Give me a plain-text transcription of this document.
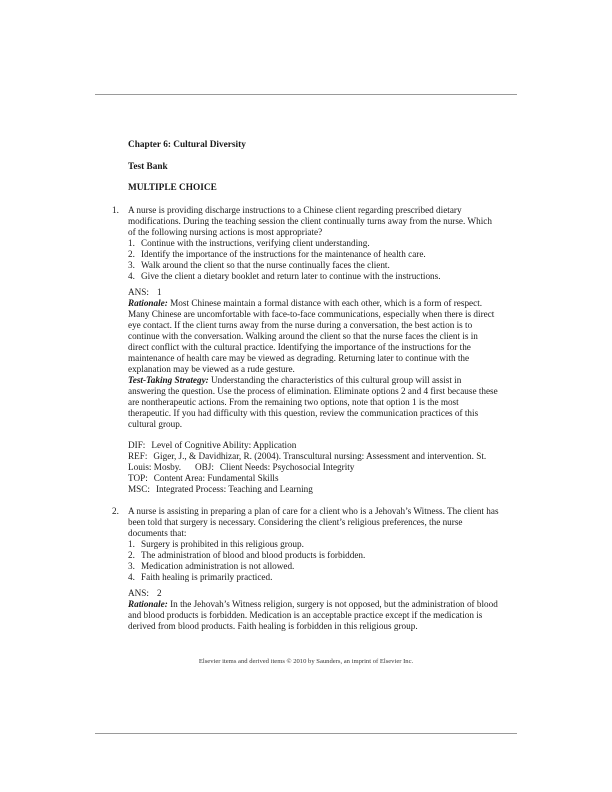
Chapter 6: Cultural Diversity
Test Bank
MULTIPLE CHOICE
1. A nurse is providing discharge instructions to a Chinese client regarding prescribed dietary modifications. During the teaching session the client continually turns away from the nurse. Which of the following nursing actions is most appropriate?

1. Continue with the instructions, verifying client understanding.
2. Identify the importance of the instructions for the maintenance of health care.
3. Walk around the client so that the nurse continually faces the client.
4. Give the client a dietary booklet and return later to continue with the instructions.
ANS: 1

Rationale: Most Chinese maintain a formal distance with each other, which is a form of respect. Many Chinese are uncomfortable with face-to-face communications, especially when there is direct eye contact. If the client turns away from the nurse during a conversation, the best action is to continue with the conversation. Walking around the client so that the nurse faces the client is in direct conflict with the cultural practice. Identifying the importance of the instructions for the maintenance of health care may be viewed as degrading. Returning later to continue with the explanation may be viewed as a rude gesture.

Test-Taking Strategy: Understanding the characteristics of this cultural group will assist in answering the question. Use the process of elimination. Eliminate options 2 and 4 first because these are nontherapeutic actions. From the remaining two options, note that option 1 is the most therapeutic. If you had difficulty with this question, review the communication practices of this cultural group.

DIF: Level of Cognitive Ability: Application
REF: Giger, J., & Davidhizar, R. (2004). Transcultural nursing: Assessment and intervention. St. Louis: Mosby. OBJ: Client Needs: Psychosocial Integrity
TOP: Content Area: Fundamental Skills
MSC: Integrated Process: Teaching and Learning
2. A nurse is assisting in preparing a plan of care for a client who is a Jehovah’s Witness. The client has been told that surgery is necessary. Considering the client’s religious preferences, the nurse documents that:

1. Surgery is prohibited in this religious group.
2. The administration of blood and blood products is forbidden.
3. Medication administration is not allowed.
4. Faith healing is primarily practiced.
ANS: 2

Rationale: In the Jehovah’s Witness religion, surgery is not opposed, but the administration of blood and blood products is forbidden. Medication is an acceptable practice except if the medication is derived from blood products. Faith healing is forbidden in this religious group.

Elsevier items and derived items © 2010 by Saunders, an imprint of Elsevier Inc.
